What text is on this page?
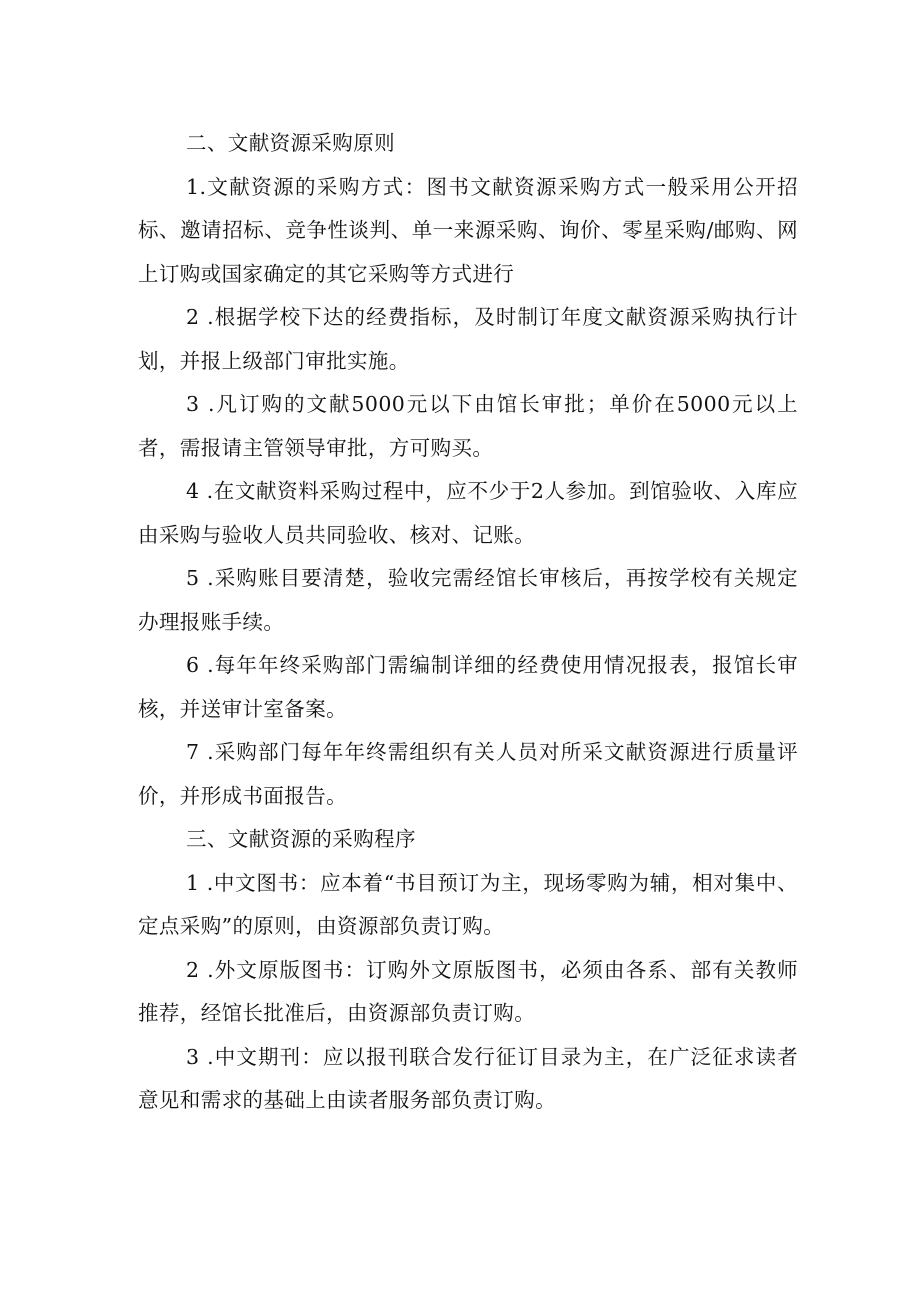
二、文献资源采购原则

1.文献资源的采购方式：图书文献资源采购方式一般采用公开招标、邀请招标、竞争性谈判、单一来源采购、询价、零星采购/邮购、网上订购或国家确定的其它采购等方式进行

2 .根据学校下达的经费指标，及时制订年度文献资源采购执行计划，并报上级部门审批实施。

3 .凡订购的文献5000元以下由馆长审批；单价在5000元以上者，需报请主管领导审批，方可购买。

4 .在文献资料采购过程中，应不少于2人参加。到馆验收、入库应由采购与验收人员共同验收、核对、记账。

5 .采购账目要清楚，验收完需经馆长审核后，再按学校有关规定办理报账手续。

6 .每年年终采购部门需编制详细的经费使用情况报表，报馆长审核，并送审计室备案。

7 .采购部门每年年终需组织有关人员对所采文献资源进行质量评价，并形成书面报告。

三、文献资源的采购程序

1 .中文图书：应本着“书目预订为主，现场零购为辅，相对集中、定点采购”的原则，由资源部负责订购。

2 .外文原版图书：订购外文原版图书，必须由各系、部有关教师推荐，经馆长批准后，由资源部负责订购。

3 .中文期刊：应以报刊联合发行征订目录为主，在广泛征求读者意见和需求的基础上由读者服务部负责订购。
